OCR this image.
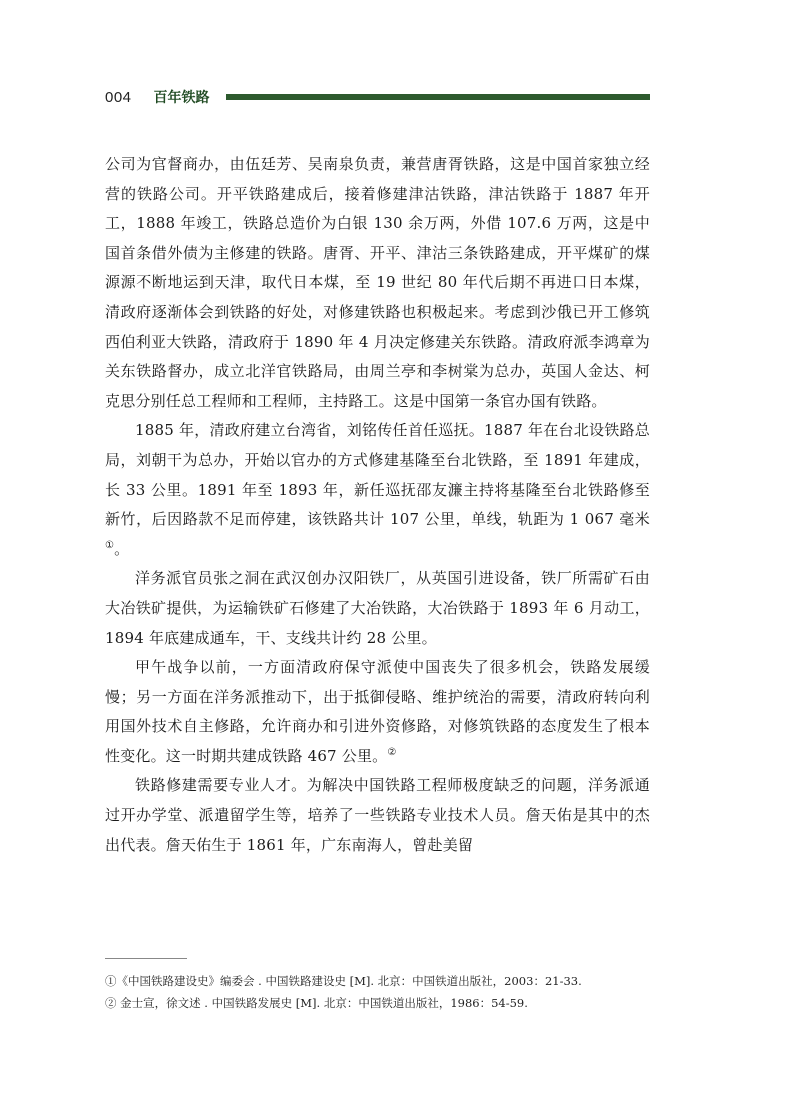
004 百年铁路

公司为官督商办，由伍廷芳、吴南泉负责，兼营唐胥铁路，这是中国首家独立经营的铁路公司。开平铁路建成后，接着修建津沽铁路，津沽铁路于 1887 年开工，1888 年竣工，铁路总造价为白银 130 余万两，外借 107.6 万两，这是中国首条借外债为主修建的铁路。唐胥、开平、津沽三条铁路建成，开平煤矿的煤源源不断地运到天津，取代日本煤，至 19 世纪 80 年代后期不再进口日本煤，清政府逐渐体会到铁路的好处，对修建铁路也积极起来。考虑到沙俄已开工修筑西伯利亚大铁路，清政府于 1890 年 4 月决定修建关东铁路。清政府派李鸿章为关东铁路督办，成立北洋官铁路局，由周兰亭和李树棠为总办，英国人金达、柯克思分别任总工程师和工程师，主持路工。这是中国第一条官办国有铁路。

1885 年，清政府建立台湾省，刘铭传任首任巡抚。1887 年在台北设铁路总局，刘朝干为总办，开始以官办的方式修建基隆至台北铁路，至 1891 年建成，长 33 公里。1891 年至 1893 年，新任巡抚邵友濂主持将基隆至台北铁路修至新竹，后因路款不足而停建，该铁路共计 107 公里，单线，轨距为 1 067 毫米①。

洋务派官员张之洞在武汉创办汉阳铁厂，从英国引进设备，铁厂所需矿石由大冶铁矿提供，为运输铁矿石修建了大冶铁路，大冶铁路于 1893 年 6 月动工，1894 年底建成通车，干、支线共计约 28 公里。

甲午战争以前，一方面清政府保守派使中国丧失了很多机会，铁路发展缓慢；另一方面在洋务派推动下，出于抵御侵略、维护统治的需要，清政府转向利用国外技术自主修路，允许商办和引进外资修路，对修筑铁路的态度发生了根本性变化。这一时期共建成铁路 467 公里。②

铁路修建需要专业人才。为解决中国铁路工程师极度缺乏的问题，洋务派通过开办学堂、派遣留学生等，培养了一些铁路专业技术人员。詹天佑是其中的杰出代表。詹天佑生于 1861 年，广东南海人，曾赴美留

①《中国铁路建设史》编委会 . 中国铁路建设史 [M]. 北京：中国铁道出版社，2003：21-33.

② 金士宣，徐文述 . 中国铁路发展史 [M]. 北京：中国铁道出版社，1986：54-59.
